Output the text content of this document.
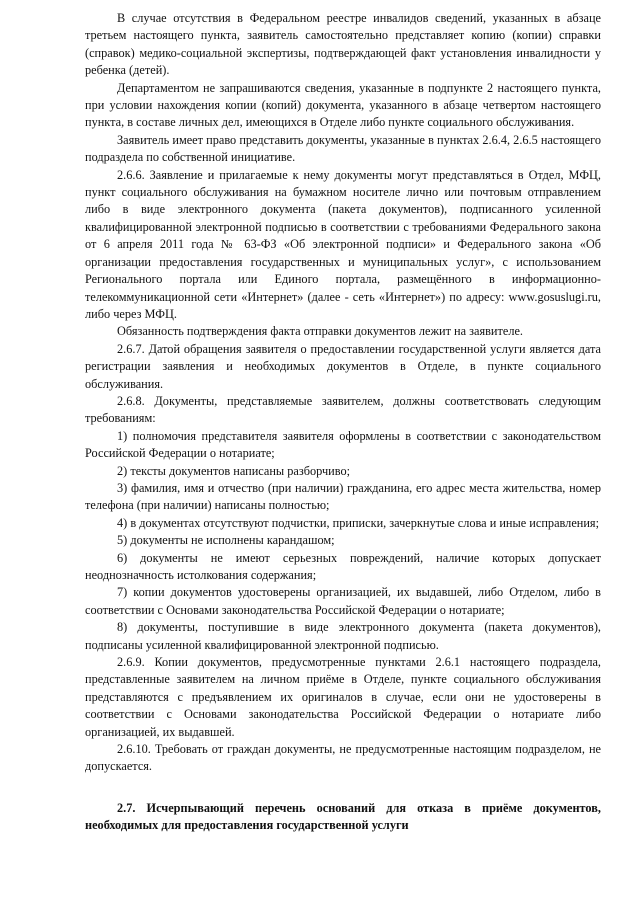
В случае отсутствия в Федеральном реестре инвалидов сведений, указанных в абзаце третьем настоящего пункта, заявитель самостоятельно представляет копию (копии) справки (справок) медико-социальной экспертизы, подтверждающей факт установления инвалидности у ребенка (детей).

Департаментом не запрашиваются сведения, указанные в подпункте 2 настоящего пункта, при условии нахождения копии (копий) документа, указанного в абзаце четвертом настоящего пункта, в составе личных дел, имеющихся в Отделе либо пункте социального обслуживания.

Заявитель имеет право представить документы, указанные в пунктах 2.6.4, 2.6.5 настоящего подраздела по собственной инициативе.

2.6.6. Заявление и прилагаемые к нему документы могут представляться в Отдел, МФЦ, пункт социального обслуживания на бумажном носителе лично или почтовым отправлением либо в виде электронного документа (пакета документов), подписанного усиленной квалифицированной электронной подписью в соответствии с требованиями Федерального закона от 6 апреля 2011 года № 63-ФЗ «Об электронной подписи» и Федерального закона «Об организации предоставления государственных и муниципальных услуг», с использованием Регионального портала или Единого портала, размещённого в информационно-телекоммуникационной сети «Интернет» (далее - сеть «Интернет») по адресу: www.gosuslugi.ru, либо через МФЦ.

Обязанность подтверждения факта отправки документов лежит на заявителе.

2.6.7. Датой обращения заявителя о предоставлении государственной услуги является дата регистрации заявления и необходимых документов в Отделе, в пункте социального обслуживания.

2.6.8. Документы, представляемые заявителем, должны соответствовать следующим требованиям:

1) полномочия представителя заявителя оформлены в соответствии с законодательством Российской Федерации о нотариате;

2) тексты документов написаны разборчиво;

3) фамилия, имя и отчество (при наличии) гражданина, его адрес места жительства, номер телефона (при наличии) написаны полностью;

4) в документах отсутствуют подчистки, приписки, зачеркнутые слова и иные исправления;

5) документы не исполнены карандашом;

6) документы не имеют серьезных повреждений, наличие которых допускает неоднозначность истолкования содержания;

7) копии документов удостоверены организацией, их выдавшей, либо Отделом, либо в соответствии с Основами законодательства Российской Федерации о нотариате;

8) документы, поступившие в виде электронного документа (пакета документов), подписаны усиленной квалифицированной электронной подписью.

2.6.9. Копии документов, предусмотренные пунктами 2.6.1 настоящего подраздела, представленные заявителем на личном приёме в Отделе, пункте социального обслуживания представляются с предъявлением их оригиналов в случае, если они не удостоверены в соответствии с Основами законодательства Российской Федерации о нотариате либо организацией, их выдавшей.

2.6.10. Требовать от граждан документы, не предусмотренные настоящим подразделом, не допускается.

2.7. Исчерпывающий перечень оснований для отказа в приёме документов, необходимых для предоставления государственной услуги
